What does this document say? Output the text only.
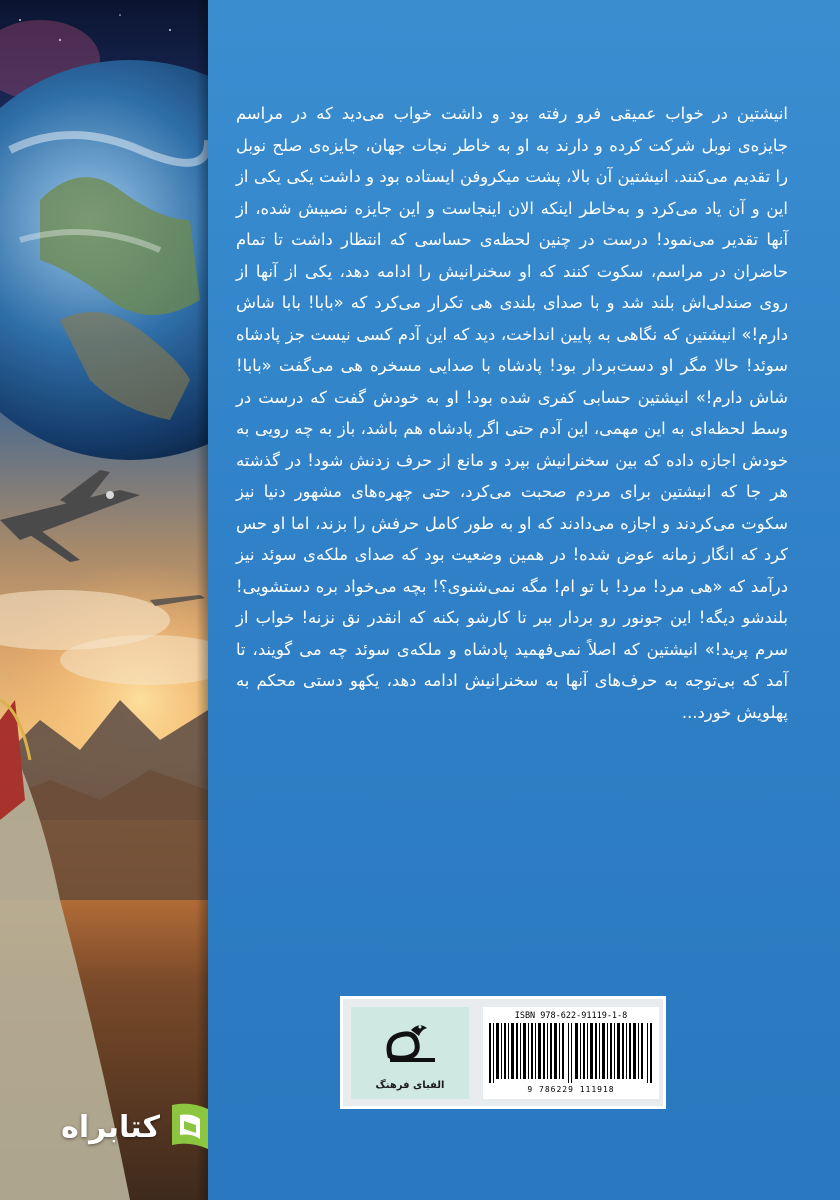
انیشتین در خواب عمیقی فرو رفته بود و داشت خواب می‌دید که در مراسم جایزه‌ی نوبل شرکت کرده و دارند به او به خاطر نجات جهان، جایزه‌ی صلح نوبل را تقدیم می‌کنند. انیشتین آن بالا، پشت میکروفن ایستاده بود و داشت یکی یکی از این و آن یاد می‌کرد و به‌خاطر اینکه الان اینجاست و این جایزه نصیبش شده، از آنها تقدیر می‌نمود! درست در چنین لحظه‌ی حساسی که انتظار داشت تا تمام حاضران در مراسم، سکوت کنند که او سخنرانیش را ادامه دهد، یکی از آنها از روی صندلی‌اش بلند شد و با صدای بلندی هی تکرار می‌کرد که «بابا! بابا شاش دارم!» انیشتین که نگاهی به پایین انداخت، دید که این آدم کسی نیست جز پادشاه سوئد! حالا مگر او دست‌بردار بود! پادشاه با صدایی مسخره هی می‌گفت «بابا! شاش دارم!» انیشتین حسابی کفری شده بود! او به خودش گفت که درست در وسط لحظه‌ای به این مهمی، این آدم حتی اگر پادشاه هم باشد، باز به چه رویی به خودش اجازه داده که بین سخنرانیش بپرد و مانع از حرف زدنش شود! در گذشته هر جا که انیشتین برای مردم صحبت می‌کرد، حتی چهره‌های مشهور دنیا نیز سکوت می‌کردند و اجازه می‌دادند که او به طور کامل حرفش را بزند، اما او حس کرد که انگار زمانه عوض شده! در همین وضعیت بود که صدای ملکه‌ی سوئد نیز درآمد که «هی مرد! مرد! با تو ام! مگه نمی‌شنوی؟! بچه می‌خواد بره دستشویی! بلندشو دیگه! این جونور رو بردار ببر تا کارشو بکنه که انقدر نق نزنه! خواب از سرم پرید!» انیشتین که اصلاً نمی‌فهمید پادشاه و ملکه‌ی سوئد چه می گویند، تا آمد که بی‌توجه به حرف‌های آنها به سخنرانیش ادامه دهد، یکهو دستی محکم به پهلویش خورد...

الفبای فرهنگ
ISBN 978-622-91119-1-8
9 786229 111918
کتابراه
